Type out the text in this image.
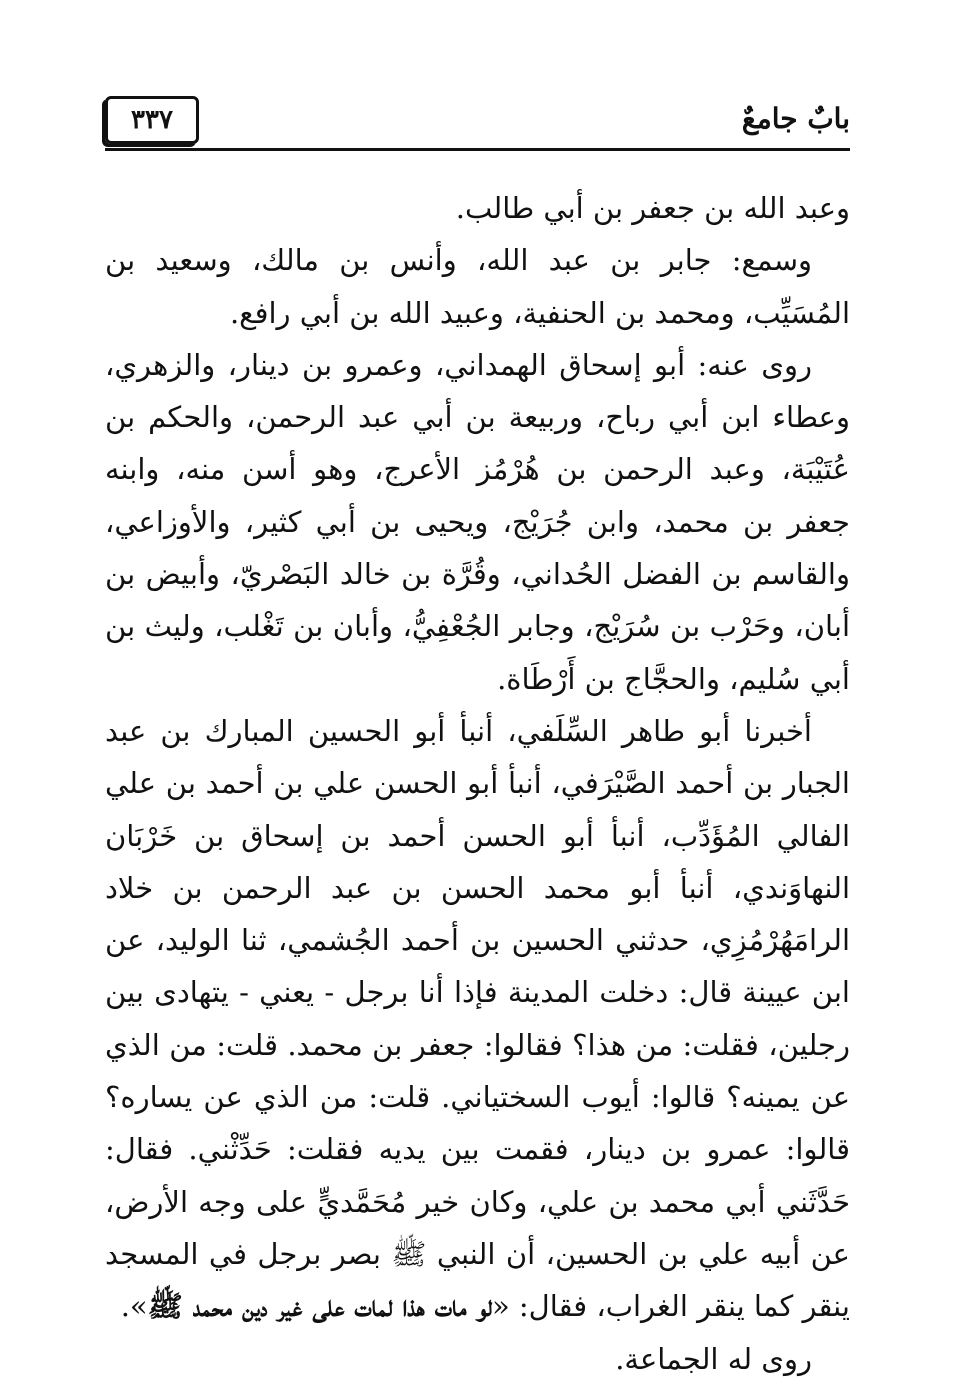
٣٣٧	بابٌ جامعٌ

وعبد الله بن جعفر بن أبي طالب.

وسمع: جابر بن عبد الله، وأنس بن مالك، وسعيد بن المُسَيِّب، ومحمد بن الحنفية، وعبيد الله بن أبي رافع.

روى عنه: أبو إسحاق الهمداني، وعمرو بن دينار، والزهري، وعطاء ابن أبي رباح، وربيعة بن أبي عبد الرحمن، والحكم بن عُتَيْبَة، وعبد الرحمن بن هُرْمُز الأعرج، وهو أسن منه، وابنه جعفر بن محمد، وابن جُرَيْج، ويحيى بن أبي كثير، والأوزاعي، والقاسم بن الفضل الحُداني، وقُرَّة بن خالد البَصْريّ، وأبيض بن أبان، وحَرْب بن سُرَيْج، وجابر الجُعْفِيُّ، وأبان بن تَغْلب، وليث بن أبي سُليم، والحجَّاج بن أَرْطَاة.

أخبرنا أبو طاهر السِّلَفي، أنبأ أبو الحسين المبارك بن عبد الجبار بن أحمد الصَّيْرَفي، أنبأ أبو الحسن علي بن أحمد بن علي الفالي المُؤَدِّب، أنبأ أبو الحسن أحمد بن إسحاق بن خَرْبَان النهاوَندي، أنبأ أبو محمد الحسن بن عبد الرحمن بن خلاد الرامَهُرْمُزِي، حدثني الحسين بن أحمد الجُشمي، ثنا الوليد، عن ابن عيينة قال: دخلت المدينة فإذا أنا برجل - يعني - يتهادى بين رجلين، فقلت: من هذا؟ فقالوا: جعفر بن محمد. قلت: من الذي عن يمينه؟ قالوا: أيوب السختياني. قلت: من الذي عن يساره؟ قالوا: عمرو بن دينار، فقمت بين يديه فقلت: حَدِّثْني. فقال: حَدَّثَني أبي محمد بن علي، وكان خير مُحَمَّديٍّ على وجه الأرض، عن أبيه علي بن الحسين، أن النبي ﷺ بصر برجل في المسجد ينقر كما ينقر الغراب، فقال: «لو مات هذا لمات على غير دين محمد ﷺ».

روى له الجماعة.
